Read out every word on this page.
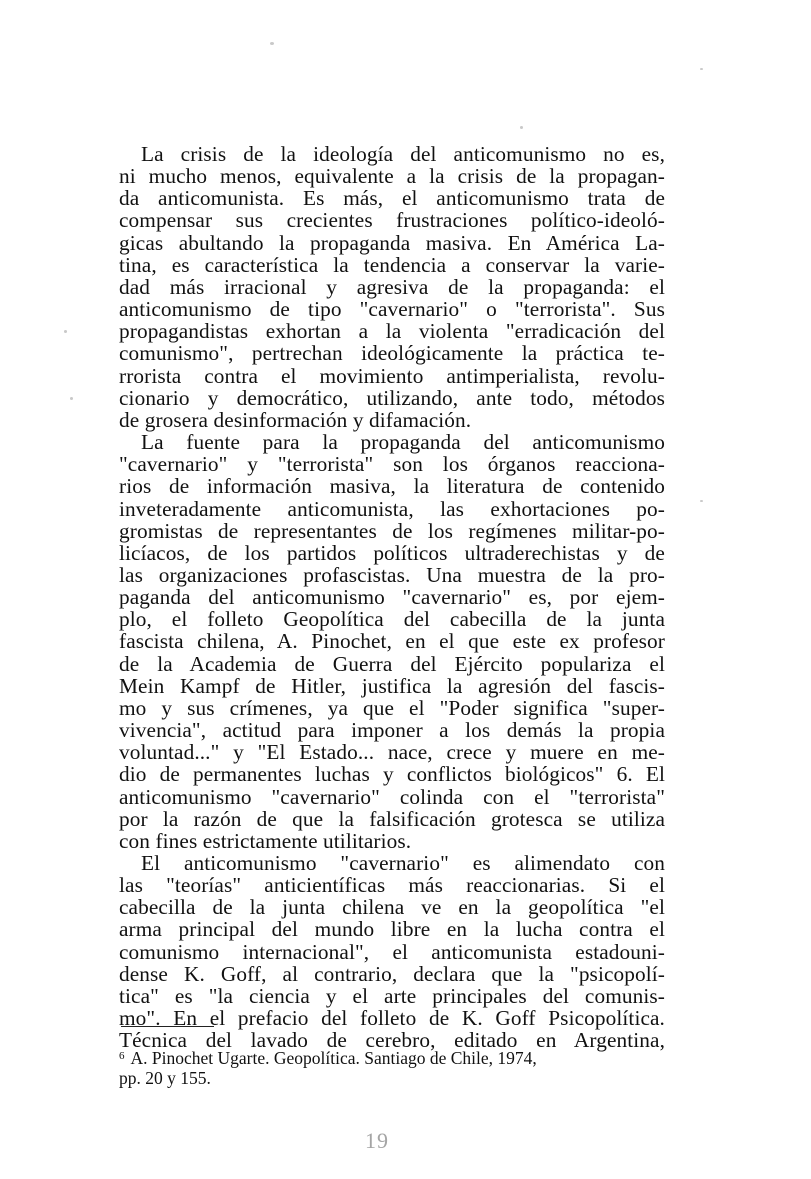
La crisis de la ideología del anticomunismo no es,
ni mucho menos, equivalente a la crisis de la propagan-
da anticomunista. Es más, el anticomunismo trata de
compensar sus crecientes frustraciones político-ideoló-
gicas abultando la propaganda masiva. En América La-
tina, es característica la tendencia a conservar la varie-
dad más irracional y agresiva de la propaganda: el
anticomunismo de tipo "cavernario" o "terrorista". Sus
propagandistas exhortan a la violenta "erradicación del
comunismo", pertrechan ideológicamente la práctica te-
rrorista contra el movimiento antimperialista, revolu-
cionario y democrático, utilizando, ante todo, métodos
de grosera desinformación y difamación.
La fuente para la propaganda del anticomunismo
"cavernario" y "terrorista" son los órganos reacciona-
rios de información masiva, la literatura de contenido
inveteradamente anticomunista, las exhortaciones po-
gromistas de representantes de los regímenes militar-po-
licíacos, de los partidos políticos ultraderechistas y de
las organizaciones profascistas. Una muestra de la pro-
paganda del anticomunismo "cavernario" es, por ejem-
plo, el folleto Geopolítica del cabecilla de la junta
fascista chilena, A. Pinochet, en el que este ex profesor
de la Academia de Guerra del Ejército populariza el
Mein Kampf de Hitler, justifica la agresión del fascis-
mo y sus crímenes, ya que el "Poder significa "super-
vivencia", actitud para imponer a los demás la propia
voluntad..." y "El Estado... nace, crece y muere en me-
dio de permanentes luchas y conflictos biológicos" 6. El
anticomunismo "cavernario" colinda con el "terrorista"
por la razón de que la falsificación grotesca se utiliza
con fines estrictamente utilitarios.
El anticomunismo "cavernario" es alimendato con
las "teorías" anticientíficas más reaccionarias. Si el
cabecilla de la junta chilena ve en la geopolítica "el
arma principal del mundo libre en la lucha contra el
comunismo internacional", el anticomunista estadouni-
dense K. Goff, al contrario, declara que la "psicopolí-
tica" es "la ciencia y el arte principales del comunis-
mo". En el prefacio del folleto de K. Goff Psicopolítica.
Técnica del lavado de cerebro, editado en Argentina,
$^6$ A. Pinochet Ugarte. Geopolítica. Santiago de Chile, 1974,
pp. 20 y 155.
19
